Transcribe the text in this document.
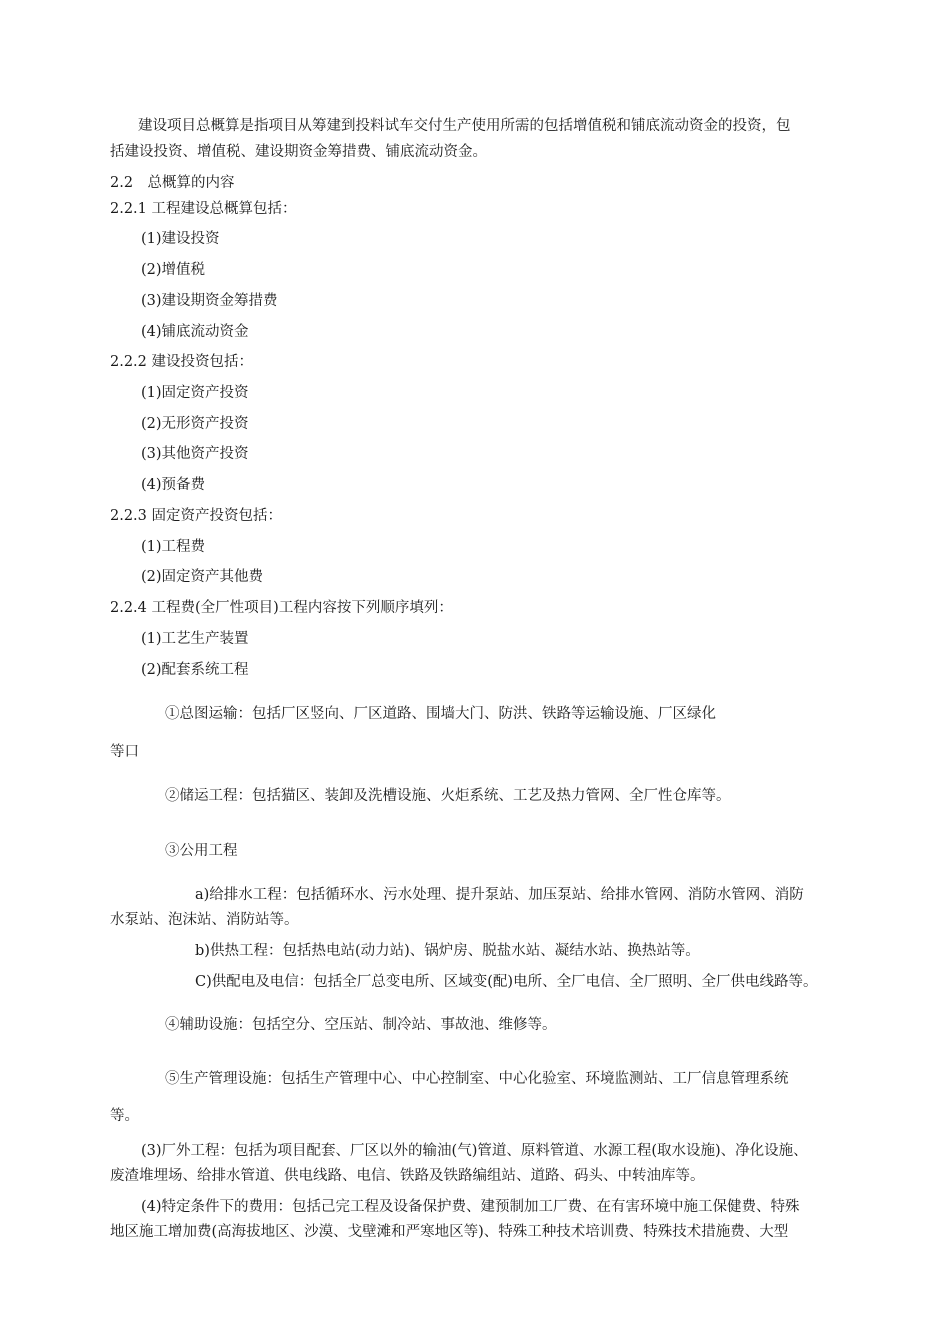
建设项目总概算是指项目从筹建到投料试车交付生产使用所需的包括增值税和铺底流动资金的投资，包
括建设投资、增值税、建设期资金筹措费、铺底流动资金。
2.2　总概算的内容
2.2.1 工程建设总概算包括：
(1)建设投资
(2)增值税
(3)建设期资金筹措费
(4)铺底流动资金
2.2.2 建设投资包括：
(1)固定资产投资
(2)无形资产投资
(3)其他资产投资
(4)预备费
2.2.3 固定资产投资包括：
(1)工程费
(2)固定资产其他费
2.2.4 工程费(全厂性项目)工程内容按下列顺序填列：
(1)工艺生产装置
(2)配套系统工程
①总图运输：包括厂区竖向、厂区道路、围墙大门、防洪、铁路等运输设施、厂区绿化
等口
②储运工程：包括猫区、装卸及洗槽设施、火炬系统、工艺及热力管网、全厂性仓库等。
③公用工程
a)给排水工程：包括循环水、污水处理、提升泵站、加压泵站、给排水管网、消防水管网、消防
水泵站、泡沫站、消防站等。
b)供热工程：包括热电站(动力站)、锅炉房、脱盐水站、凝结水站、换热站等。
C)供配电及电信：包括全厂总变电所、区域变(配)电所、全厂电信、全厂照明、全厂供电线路等。
④辅助设施：包括空分、空压站、制冷站、事故池、维修等。
⑤生产管理设施：包括生产管理中心、中心控制室、中心化验室、环境监测站、工厂信息管理系统
等。
(3)厂外工程：包括为项目配套、厂区以外的输油(气)管道、原料管道、水源工程(取水设施)、净化设施、
废渣堆埋场、给排水管道、供电线路、电信、铁路及铁路编组站、道路、码头、中转油库等。
(4)特定条件下的费用：包括己完工程及设备保护费、建预制加工厂费、在有害环境中施工保健费、特殊
地区施工增加费(高海拔地区、沙漠、戈壁滩和严寒地区等)、特殊工种技术培训费、特殊技术措施费、大型
